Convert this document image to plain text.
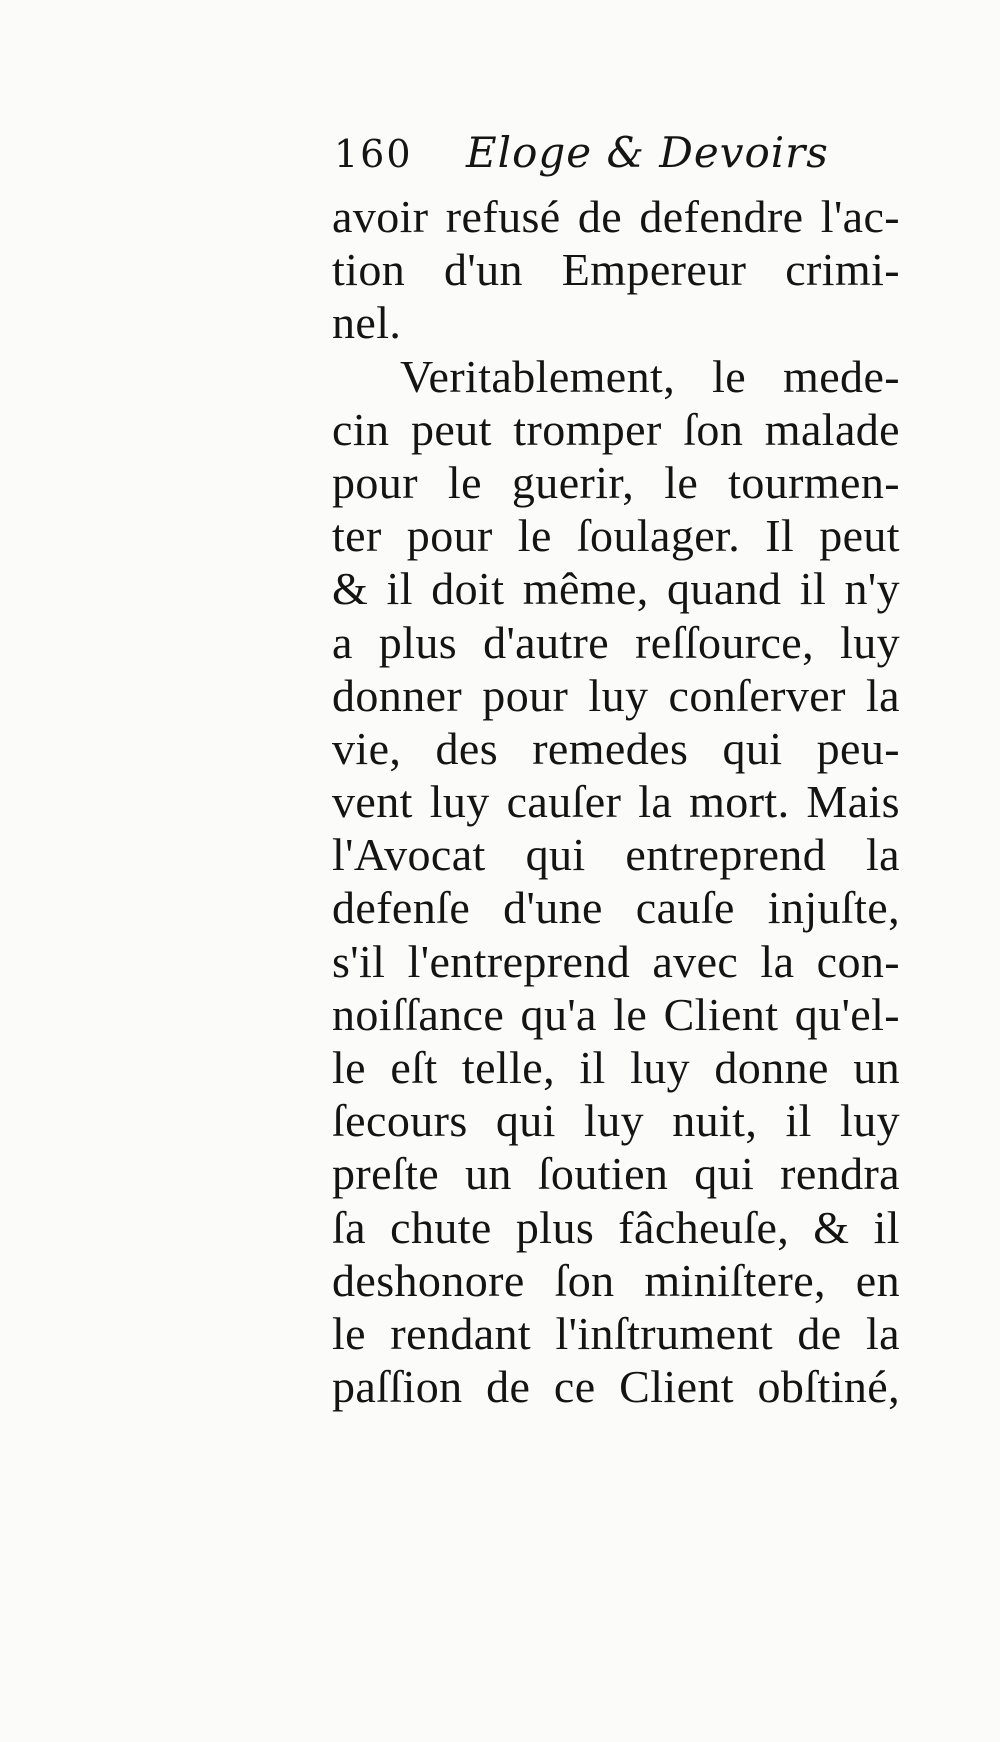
160 Eloge & Devoirs
avoir refusé de defendre l'ac-
tion d'un Empereur crimi-
nel.
Veritablement, le mede-
cin peut tromper ſon malade
pour le guerir, le tourmen-
ter pour le ſoulager. Il peut
& il doit même, quand il n'y
a plus d'autre reſſource, luy
donner pour luy conſerver la
vie, des remedes qui peu-
vent luy cauſer la mort. Mais
l'Avocat qui entreprend la
defenſe d'une cauſe injuſte,
s'il l'entreprend avec la con-
noiſſance qu'a le Client qu'el-
le eſt telle, il luy donne un
ſecours qui luy nuit, il luy
preſte un ſoutien qui rendra
ſa chute plus fâcheuſe, & il
deshonore ſon miniſtere, en
le rendant l'inſtrument de la
paſſion de ce Client obſtiné,
